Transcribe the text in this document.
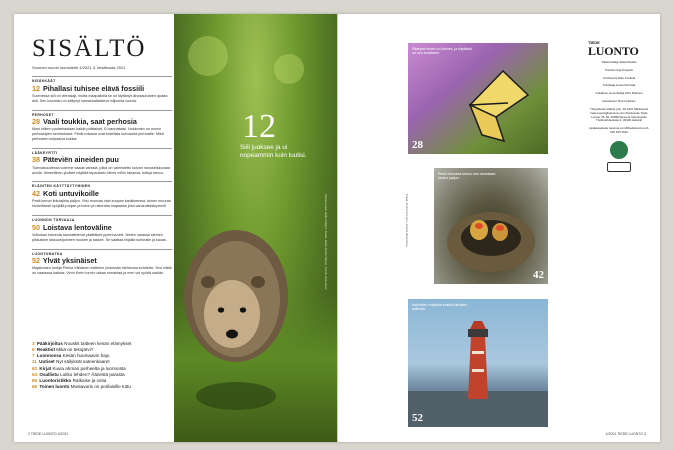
SISÄLTÖ
Suomen suurin luontolehti 4/2021 3. kesäkuuta 2021
NISÄKKÄÄT
12 Pihallasi tuhisee elävä fossiili
Suomessa siili on vieraslaji, mutta maapallolla se on kiyttänyt dinosaurusten ajoista asti. Sen luuranko on säilynyt samankaltaisena miljoonia vuosia.
PERHOSET
28 Vaali toukkia, saat perhosia
Moni kitkee puutarhastaan kaikki polttiaiset. Ei kannattaisi. Nokkonen on monin perhoslajien ravintokasvi. Perät nokasia ovat todellisia kuhoseita perhosille. Mikä perhosten kelpaavia kukkia.
LÄÄKEYRTTI
38 Päteviën aineiden puu
Tulevaisuudessa voimme saada varasia, jotka on valmistettu kuivan nanoselluloosan avulla. Ihmeellinen yhdiste näyttää tapauksen lähes mihin tahansa, tutkija sanoo.
ELÄINTEN KÄYTTÄYTYMINEN
42 Koti untuvikoille
Pesä kertoo lintulajista paljon. Yksi muovaa vain kuopan kanikkeessa, toinen muuraa huolellisesti syöjällä pohjan ja koton ja rakentaa majaansa joka vanaudeksikymnilt.
LUONNON TURVAAJA
50 Loistava lentoväline
Voikukan haiventa kannattelevat yksittäiset pyörrevuolet. Niiden varassa siemen pikkuisine laskuvarjoineen nousee ja laskee. Se saattaa leijailla korkealle ja kauas.
LUONTOMATKA
52 Ylvät yksinäiset
Majakoiden tuntija Pekka Väisänen esittelee yhdeksän kiehtovaa kohdetta. Yksi niistä on vaarassa kadota: Viron Kerin tornin uhkaa romahtaa ja meri voi syödä sarkän.
3 Pääkirjoitus Nouskit taitteen kesän elämykset
6 Reaktiot Mikä on tekojärvi?
7 Luonnossa Kesän huumaavin haju
11 Uutiset Nyt säilyksät sateenkaaret
62 Kirjat Kuvia ahman perheelta ja luonnosta
64 Osallistu Luitko lehden? Äänestä parasta
65 Luontoristikko Ratkaise ja voita
66 Toinen luonto Mustavaris on porilaisille tuttu
12
Siili juoksee ja ui nopeammin kuin luulisi.
Kannen kuva: Getty Images / Kuvat: Jukka-Pekka Ylönen, Tuomo Järvensivu
2 TIEDE LUONTO 4/2021
Ritariperhonen on komea, ja näyttävä on sen toukkakin.
28
Pesä lintuoksa kertoo sen asukkaan kertoo paljon.
42
Kallioiden majakka esitää tuttuakin kallioilla.
52
Kuvat: Kimmo Kivinen / Tuomo Järvensivu
TIEDE
LUONTO
Päätoimittaja Jukka Ruukki
Toimitus Arja Kivipelto
Art Director Riku Koskela
Toimittaja Jenna Parmala
Graafinen suunnittelija Petri Rottinen
Avustaneet Tiina Kyttänen
Yhteystiedot Vaihde puh. 09 1201 Sähköposti tiede.luonto@sanoma.com Postiosoite Tiede Luonto, PL 65, 00098 Sanoma Käyntiosoite Töölönlahdenkatu 2, 00100 Helsinki
Asiakaspalvelu sanoma.com/fi/tiedeluonto puh. 020 333 1010
4/2021 TIEDE LUONTO 3
